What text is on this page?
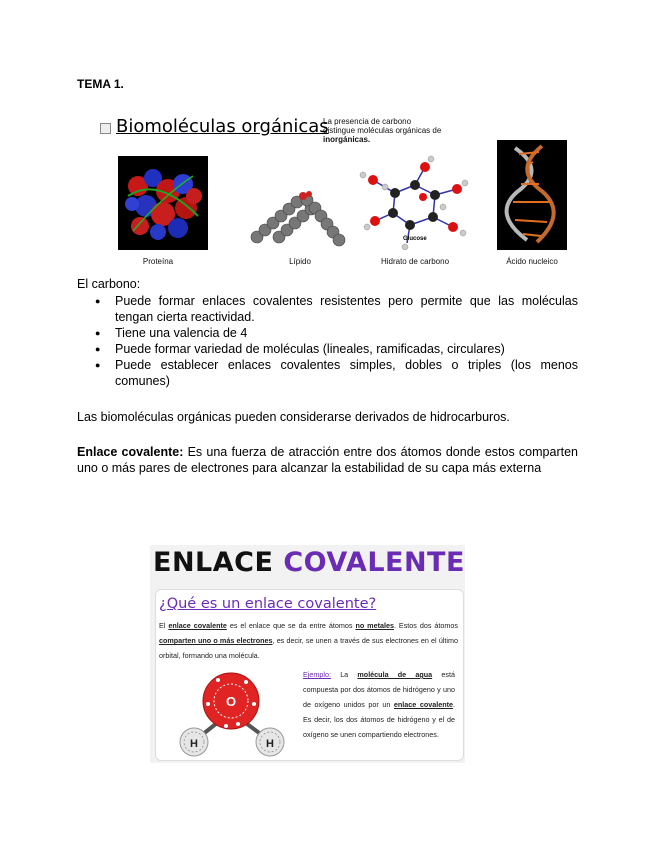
TEMA 1.
Biomoléculas orgánicas
La presencia de carbono
distingue moléculas orgánicas de
inorgánicas.
Glucose
Proteína	Lípido	Hidrato de carbono	Ácido nucleico
El carbono:
● Puede formar enlaces covalentes resistentes pero permite que las moléculas tengan cierta reactividad.
● Tiene una valencia de 4
● Puede formar variedad de moléculas (lineales, ramificadas, circulares)
● Puede establecer enlaces covalentes simples, dobles o triples (los menos comunes)
Las biomoléculas orgánicas pueden considerarse derivados de hidrocarburos.
Enlace covalente: Es una fuerza de atracción entre dos átomos donde estos comparten uno o más pares de electrones para alcanzar la estabilidad de su capa más externa
ENLACE COVALENTE
¿Qué es un enlace covalente?
El enlace covalente es el enlace que se da entre átomos no metales. Estos dos átomos comparten uno o más electrones, es decir, se unen a través de sus electrones en el último orbital, formando una molécula.
O
H	H
Ejemplo: La molécula de agua está compuesta por dos átomos de hidrógeno y uno de oxígeno unidos por un enlace covalente. Es decir, los dos átomos de hidrógeno y el de oxígeno se unen compartiendo electrones.
